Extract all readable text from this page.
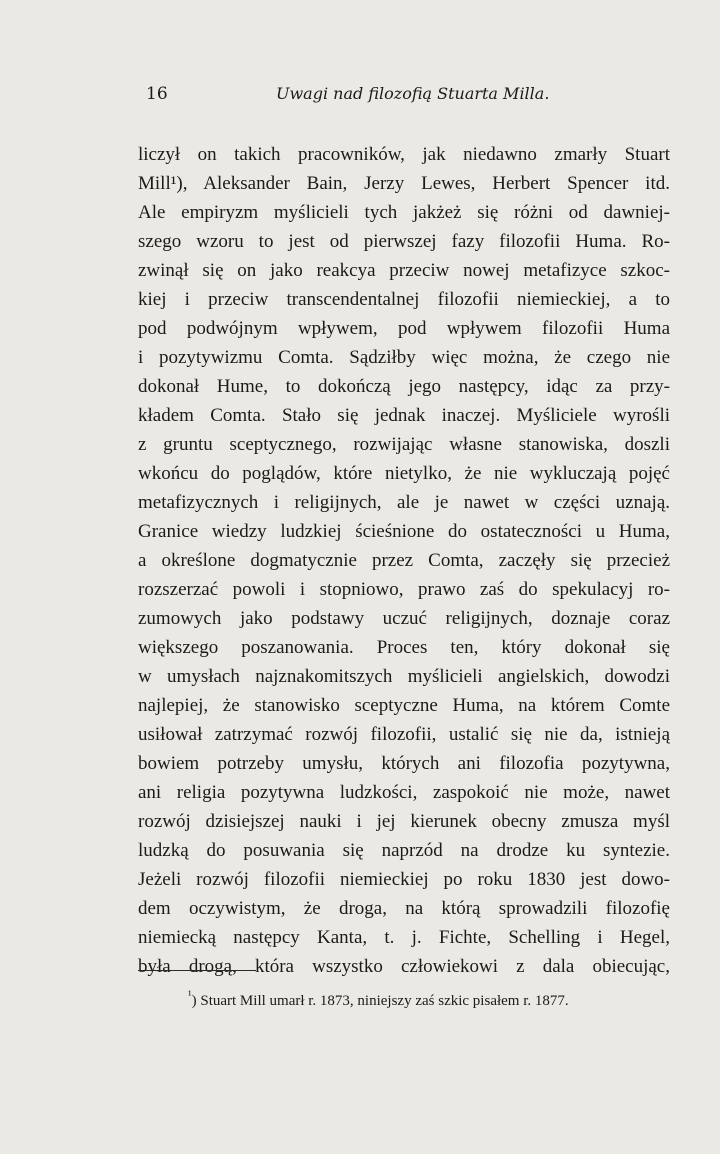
16	Uwagi nad filozofią Stuarta Milla.
liczył on takich pracowników, jak niedawno zmarły Stuart
Mill¹), Aleksander Bain, Jerzy Lewes, Herbert Spencer itd.
Ale empiryzm myślicieli tych jakżeż się różni od dawniej-
szego wzoru to jest od pierwszej fazy filozofii Huma. Ro-
zwinął się on jako reakcya przeciw nowej metafizyce szkoc-
kiej i przeciw transcendentalnej filozofii niemieckiej, a to
pod podwójnym wpływem, pod wpływem filozofii Huma
i pozytywizmu Comta. Sądziłby więc można, że czego nie
dokonał Hume, to dokończą jego następcy, idąc za przy-
kładem Comta. Stało się jednak inaczej. Myśliciele wyrośli
z gruntu sceptycznego, rozwijając własne stanowiska, doszli
wkońcu do poglądów, które nietylko, że nie wykluczają pojęć
metafizycznych i religijnych, ale je nawet w części uznają.
Granice wiedzy ludzkiej ścieśnione do ostateczności u Huma,
a określone dogmatycznie przez Comta, zaczęły się przecież
rozszerzać powoli i stopniowo, prawo zaś do spekulacyj ro-
zumowych jako podstawy uczuć religijnych, doznaje coraz
większego poszanowania. Proces ten, który dokonał się
w umysłach najznakomitszych myślicieli angielskich, dowodzi
najlepiej, że stanowisko sceptyczne Huma, na którem Comte
usiłował zatrzymać rozwój filozofii, ustalić się nie da, istnieją
bowiem potrzeby umysłu, których ani filozofia pozytywna,
ani religia pozytywna ludzkości, zaspokoić nie może, nawet
rozwój dzisiejszej nauki i jej kierunek obecny zmusza myśl
ludzką do posuwania się naprzód na drodze ku syntezie.
Jeżeli rozwój filozofii niemieckiej po roku 1830 jest dowo-
dem oczywistym, że droga, na którą sprowadzili filozofię
niemiecką następcy Kanta, t. j. Fichte, Schelling i Hegel,
była drogą, która wszystko człowiekowi z dala obiecując,
$^{^1}$) Stuart Mill umarł r. 1873, niniejszy zaś szkic pisałem r. 1877.
